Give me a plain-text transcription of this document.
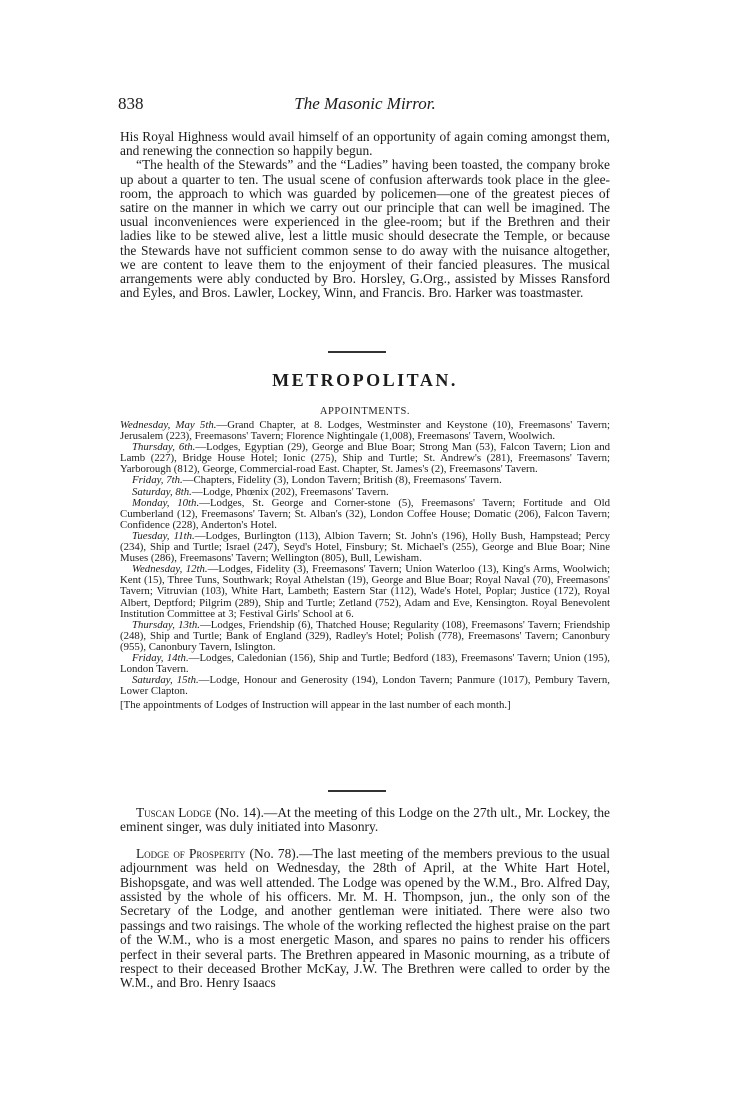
838	The Masonic Mirror.

His Royal Highness would avail himself of an opportunity of again coming amongst them, and renewing the connection so happily begun.

“The health of the Stewards” and the “Ladies” having been toasted, the company broke up about a quarter to ten. The usual scene of confusion afterwards took place in the glee-room, the approach to which was guarded by policemen—one of the greatest pieces of satire on the manner in which we carry out our principle that can well be imagined. The usual inconveniences were experienced in the glee-room; but if the Brethren and their ladies like to be stewed alive, lest a little music should desecrate the Temple, or because the Stewards have not sufficient common sense to do away with the nuisance altogether, we are content to leave them to the enjoyment of their fancied pleasures. The musical arrangements were ably conducted by Bro. Horsley, G.Org., assisted by Misses Ransford and Eyles, and Bros. Lawler, Lockey, Winn, and Francis. Bro. Harker was toastmaster.

METROPOLITAN.
APPOINTMENTS.

Wednesday, May 5th.—Grand Chapter, at 8. Lodges, Westminster and Keystone (10), Freemasons' Tavern; Jerusalem (223), Freemasons' Tavern; Florence Nightingale (1,008), Freemasons' Tavern, Woolwich.

Thursday, 6th.—Lodges, Egyptian (29), George and Blue Boar; Strong Man (53), Falcon Tavern; Lion and Lamb (227), Bridge House Hotel; Ionic (275), Ship and Turtle; St. Andrew's (281), Freemasons' Tavern; Yarborough (812), George, Commercial-road East. Chapter, St. James's (2), Freemasons' Tavern.

Friday, 7th.—Chapters, Fidelity (3), London Tavern; British (8), Freemasons' Tavern.

Saturday, 8th.—Lodge, Phœnix (202), Freemasons' Tavern.

Monday, 10th.—Lodges, St. George and Corner-stone (5), Freemasons' Tavern; Fortitude and Old Cumberland (12), Freemasons' Tavern; St. Alban's (32), London Coffee House; Domatic (206), Falcon Tavern; Confidence (228), Anderton's Hotel.

Tuesday, 11th.—Lodges, Burlington (113), Albion Tavern; St. John's (196), Holly Bush, Hampstead; Percy (234), Ship and Turtle; Israel (247), Seyd's Hotel, Finsbury; St. Michael's (255), George and Blue Boar; Nine Muses (286), Freemasons' Tavern; Wellington (805), Bull, Lewisham.

Wednesday, 12th.—Lodges, Fidelity (3), Freemasons' Tavern; Union Waterloo (13), King's Arms, Woolwich; Kent (15), Three Tuns, Southwark; Royal Athelstan (19), George and Blue Boar; Royal Naval (70), Freemasons' Tavern; Vitruvian (103), White Hart, Lambeth; Eastern Star (112), Wade's Hotel, Poplar; Justice (172), Royal Albert, Deptford; Pilgrim (289), Ship and Turtle; Zetland (752), Adam and Eve, Kensington. Royal Benevolent Institution Committee at 3; Festival Girls' School at 6.

Thursday, 13th.—Lodges, Friendship (6), Thatched House; Regularity (108), Freemasons' Tavern; Friendship (248), Ship and Turtle; Bank of England (329), Radley's Hotel; Polish (778), Freemasons' Tavern; Canonbury (955), Canonbury Tavern, Islington.

Friday, 14th.—Lodges, Caledonian (156), Ship and Turtle; Bedford (183), Freemasons' Tavern; Union (195), London Tavern.

Saturday, 15th.—Lodge, Honour and Generosity (194), London Tavern; Panmure (1017), Pembury Tavern, Lower Clapton.

[The appointments of Lodges of Instruction will appear in the last number of each month.]

Tuscan Lodge (No. 14).—At the meeting of this Lodge on the 27th ult., Mr. Lockey, the eminent singer, was duly initiated into Masonry.

Lodge of Prosperity (No. 78).—The last meeting of the members previous to the usual adjournment was held on Wednesday, the 28th of April, at the White Hart Hotel, Bishopsgate, and was well attended. The Lodge was opened by the W.M., Bro. Alfred Day, assisted by the whole of his officers. Mr. M. H. Thompson, jun., the only son of the Secretary of the Lodge, and another gentleman were initiated. There were also two passings and two raisings. The whole of the working reflected the highest praise on the part of the W.M., who is a most energetic Mason, and spares no pains to render his officers perfect in their several parts. The Brethren appeared in Masonic mourning, as a tribute of respect to their deceased Brother McKay, J.W. The Brethren were called to order by the W.M., and Bro. Henry Isaacs
